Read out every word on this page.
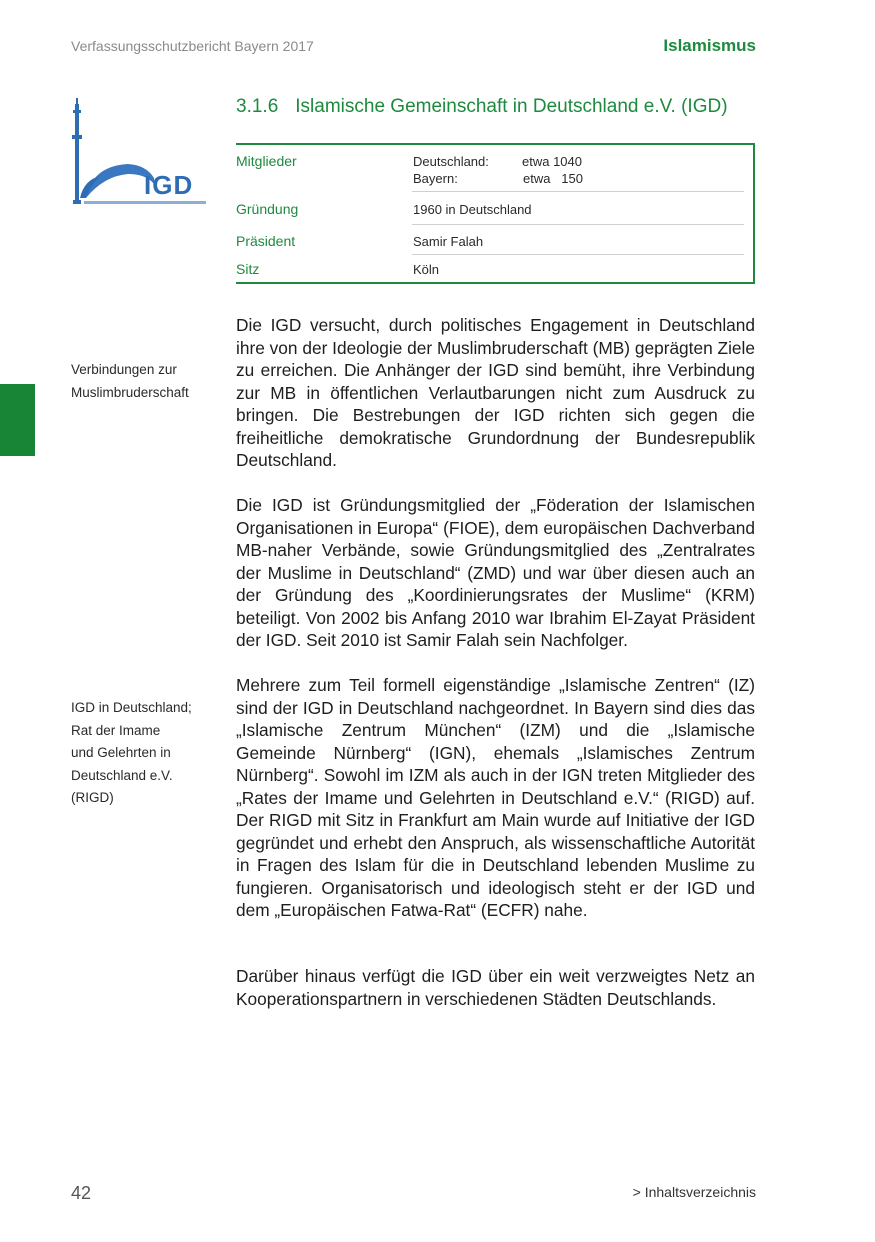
Verfassungsschutzbericht Bayern 2017	Islamismus
IGD
3.1.6 Islamische Gemeinschaft in Deutschland e.V. (IGD)
Mitglieder	Deutschland:	etwa 1040
Bayern:	etwa   150
Gründung	1960 in Deutschland
Präsident	Samir Falah
Sitz	Köln
Verbindungen zur
Muslimbruderschaft
IGD in Deutschland;
Rat der Imame
und Gelehrten in
Deutschland e.V.
(RIGD)

Die IGD versucht, durch politisches Engagement in Deutschland ihre von der Ideologie der Muslimbruderschaft (MB) geprägten Ziele zu erreichen. Die Anhänger der IGD sind bemüht, ihre Verbindung zur MB in öffentlichen Verlautbarungen nicht zum Ausdruck zu bringen. Die Bestrebungen der IGD richten sich gegen die freiheitliche demokratische Grundordnung der Bundesrepublik Deutschland.

Die IGD ist Gründungsmitglied der „Föderation der Islamischen Organisationen in Europa“ (FIOE), dem europäischen Dachverband MB-naher Verbände, sowie Gründungsmitglied des „Zentralrates der Muslime in Deutschland“ (ZMD) und war über diesen auch an der Gründung des „Koordinierungsrates der Muslime“ (KRM) beteiligt. Von 2002 bis Anfang 2010 war Ibrahim El-Zayat Präsident der IGD. Seit 2010 ist Samir Falah sein Nachfolger.

Mehrere zum Teil formell eigenständige „Islamische Zentren“ (IZ) sind der IGD in Deutschland nachgeordnet. In Bayern sind dies das „Islamische Zentrum München“ (IZM) und die „Islamische Gemeinde Nürnberg“ (IGN), ehemals „Islamisches Zentrum Nürnberg“. Sowohl im IZM als auch in der IGN treten Mitglieder des „Rates der Imame und Gelehrten in Deutschland e.V.“ (RIGD) auf. Der RIGD mit Sitz in Frankfurt am Main wurde auf Initiative der IGD gegründet und erhebt den Anspruch, als wissenschaftliche Autorität in Fragen des Islam für die in Deutschland lebenden Muslime zu fungieren. Organisatorisch und ideologisch steht er der IGD und dem „Europäischen Fatwa-Rat“ (ECFR) nahe.

Darüber hinaus verfügt die IGD über ein weit verzweigtes Netz an Kooperationspartnern in verschiedenen Städten Deutschlands.

42	> Inhaltsverzeichnis
